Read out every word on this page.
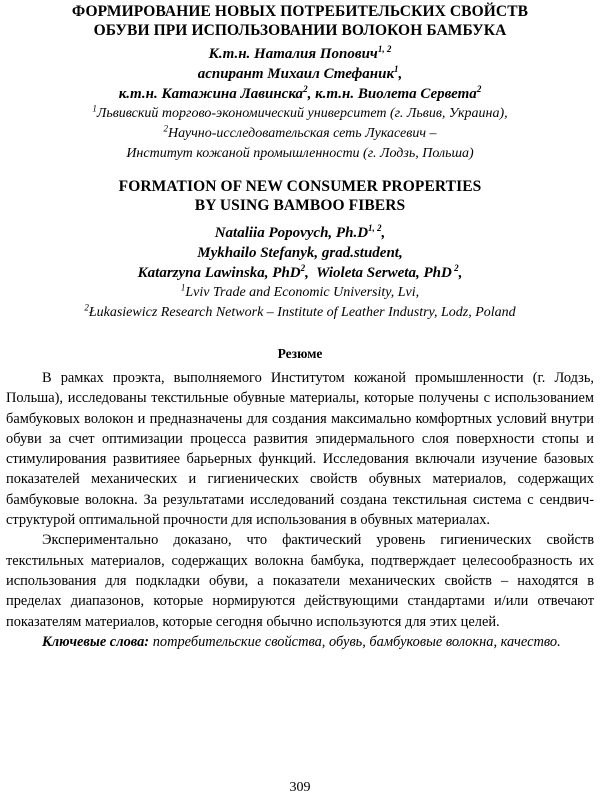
ФОРМИРОВАНИЕ НОВЫХ ПОТРЕБИТЕЛЬСКИХ СВОЙСТВ
ОБУВИ ПРИ ИСПОЛЬЗОВАНИИ ВОЛОКОН БАМБУКА
К.т.н. Наталия Попович$^{1, 2}$
аспирант Михаил Стефаник$^1$,
к.т.н. Катажина Лавинска$^2$, к.т.н. Виолета Сервета$^2$
$^1$Львивский торгово-экономический университет (г. Львив, Украина),
$^2$Научно-исследовательская сеть Лукасевич –
Институт кожаной промышленности (г. Лодзь, Польша)
FORMATION OF NEW CONSUMER PROPERTIES
BY USING BAMBOO FIBERS
Nataliia Popovych, $Ph.D^{1, 2}$,
Mykhailo Stefanyk, grad.student,
Katarzyna Lawinska, PhD$^2$,  Wioleta Serweta, PhD $^2$,
$^1$Lviv Trade and Economic University, Lvi,
$^2$Łukasiewicz Research Network – Institute of Leather Industry, Lodz, Poland
Резюме

В рамках проэкта, выполняемого Институтом кожаной промышленности (г. Лодзь, Польша), исследованы текстильные обувные материалы, которые получены с использованием бамбуковых волокон и предназначены для создания максимально комфортных условий внутри обуви за счет оптимизации процесса развития эпидермального слоя поверхности стопы и стимулирования развитияее барьерных функций. Исследования включали изучение базовых показателей механических и гигиенических свойств обувных материалов, содержащих бамбуковые волокна. За результатами исследований создана текстильная система с сендвич-структурой оптимальной прочности для использования в обувных материалах.

Экспериментально доказано, что фактический уровень гигиенических свойств текстильных материалов, содержащих волокна бамбука, подтверждает целесообразность их использования для подкладки обуви, а показатели механических свойств – находятся в пределах диапазонов, которые нормируются действующими стандартами и/или отвечают показателям материалов, которые сегодня обычно используются для этих целей.

Ключевые слова: потребительские свойства, обувь, бамбуковые волокна, качество.

309
